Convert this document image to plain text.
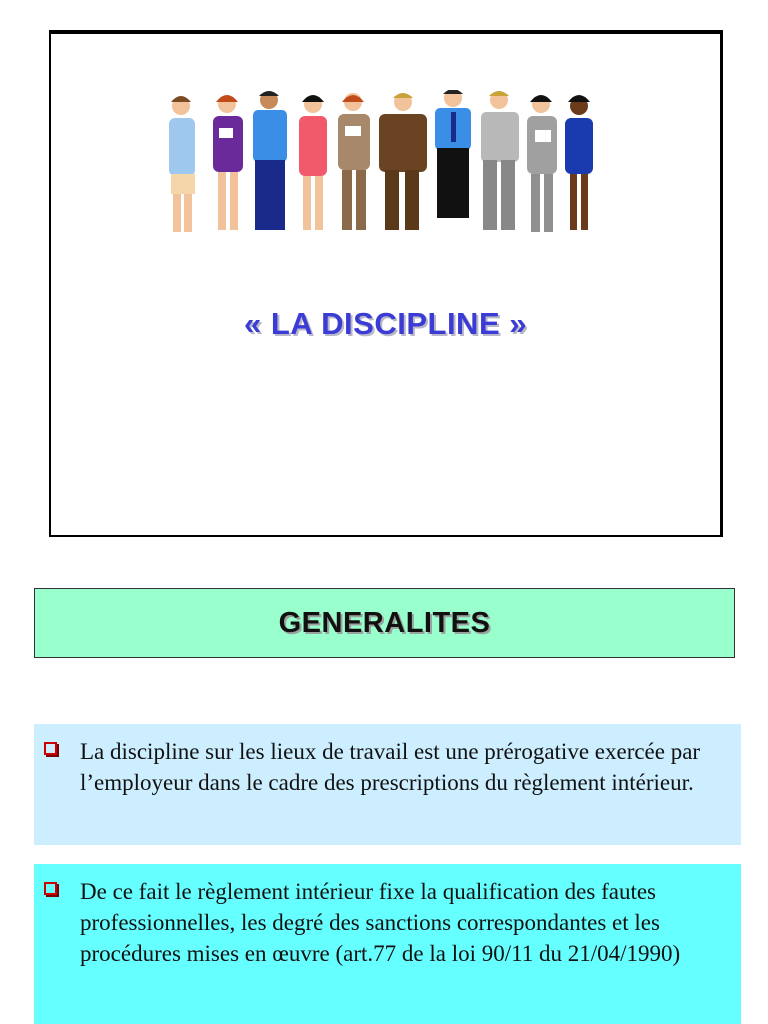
« LA DISCIPLINE »
GENERALITES
La discipline sur les lieux de travail est une prérogative exercée par l’employeur dans le cadre des prescriptions du règlement intérieur.
De ce fait le règlement intérieur fixe la qualification des fautes professionnelles, les degré des sanctions correspondantes et les procédures mises en œuvre (art.77 de la loi 90/11 du 21/04/1990)
